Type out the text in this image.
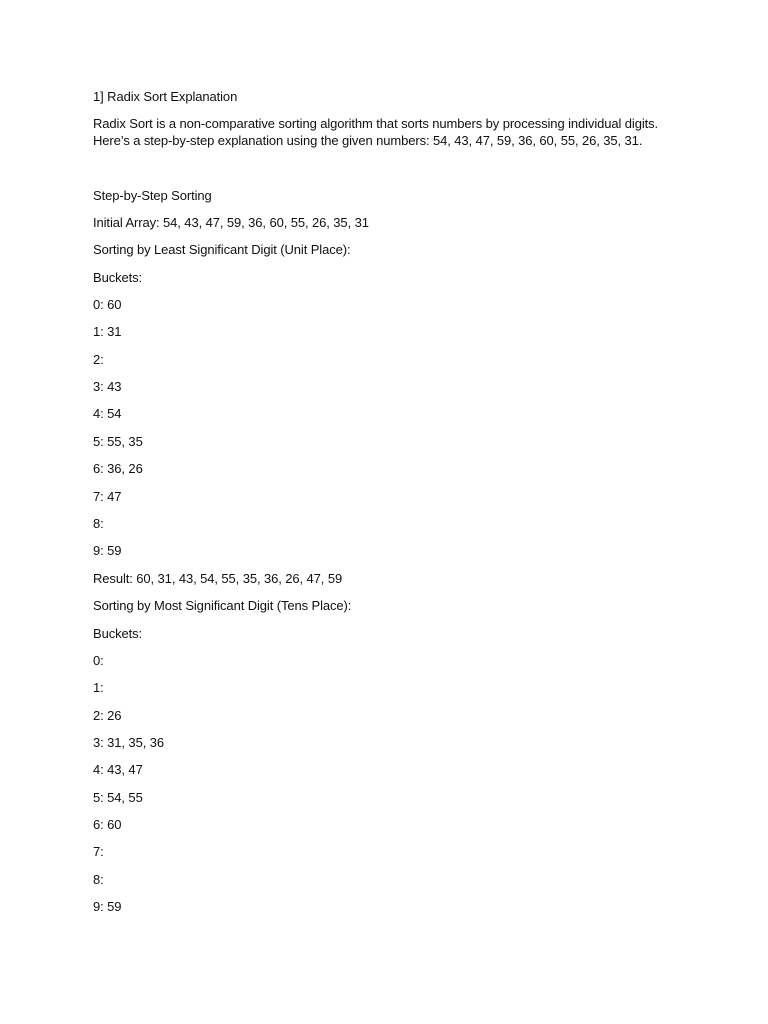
1] Radix Sort Explanation
Radix Sort is a non-comparative sorting algorithm that sorts numbers by processing individual digits.
Here’s a step-by-step explanation using the given numbers: 54, 43, 47, 59, 36, 60, 55, 26, 35, 31.
Step-by-Step Sorting
Initial Array: 54, 43, 47, 59, 36, 60, 55, 26, 35, 31
Sorting by Least Significant Digit (Unit Place):
Buckets:
0: 60
1: 31
2:
3: 43
4: 54
5: 55, 35
6: 36, 26
7: 47
8:
9: 59
Result: 60, 31, 43, 54, 55, 35, 36, 26, 47, 59
Sorting by Most Significant Digit (Tens Place):
Buckets:
0:
1:
2: 26
3: 31, 35, 36
4: 43, 47
5: 54, 55
6: 60
7:
8:
9: 59
